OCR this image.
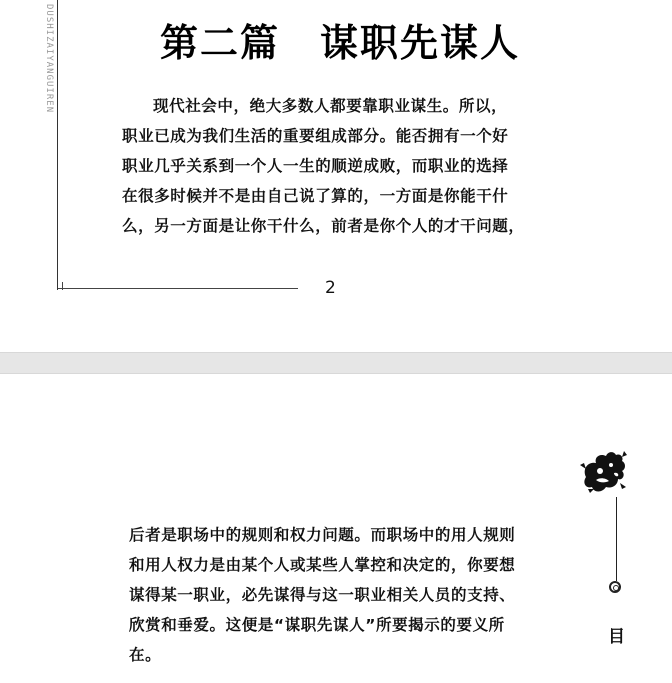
DUSHIZAIYANGUIREN	第二篇　谋职先谋人

现代社会中，绝大多数人都要靠职业谋生。所以，
职业已成为我们生活的重要组成部分。能否拥有一个好
职业几乎关系到一个人一生的顺逆成败，而职业的选择
在很多时候并不是由自己说了算的，一方面是你能干什
么，另一方面是让你干什么，前者是你个人的才干问题，

2
目

后者是职场中的规则和权力问题。而职场中的用人规则
和用人权力是由某个人或某些人掌控和决定的，你要想
谋得某一职业，必先谋得与这一职业相关人员的支持、
欣赏和垂爱。这便是“谋职先谋人”所要揭示的要义所
在。
